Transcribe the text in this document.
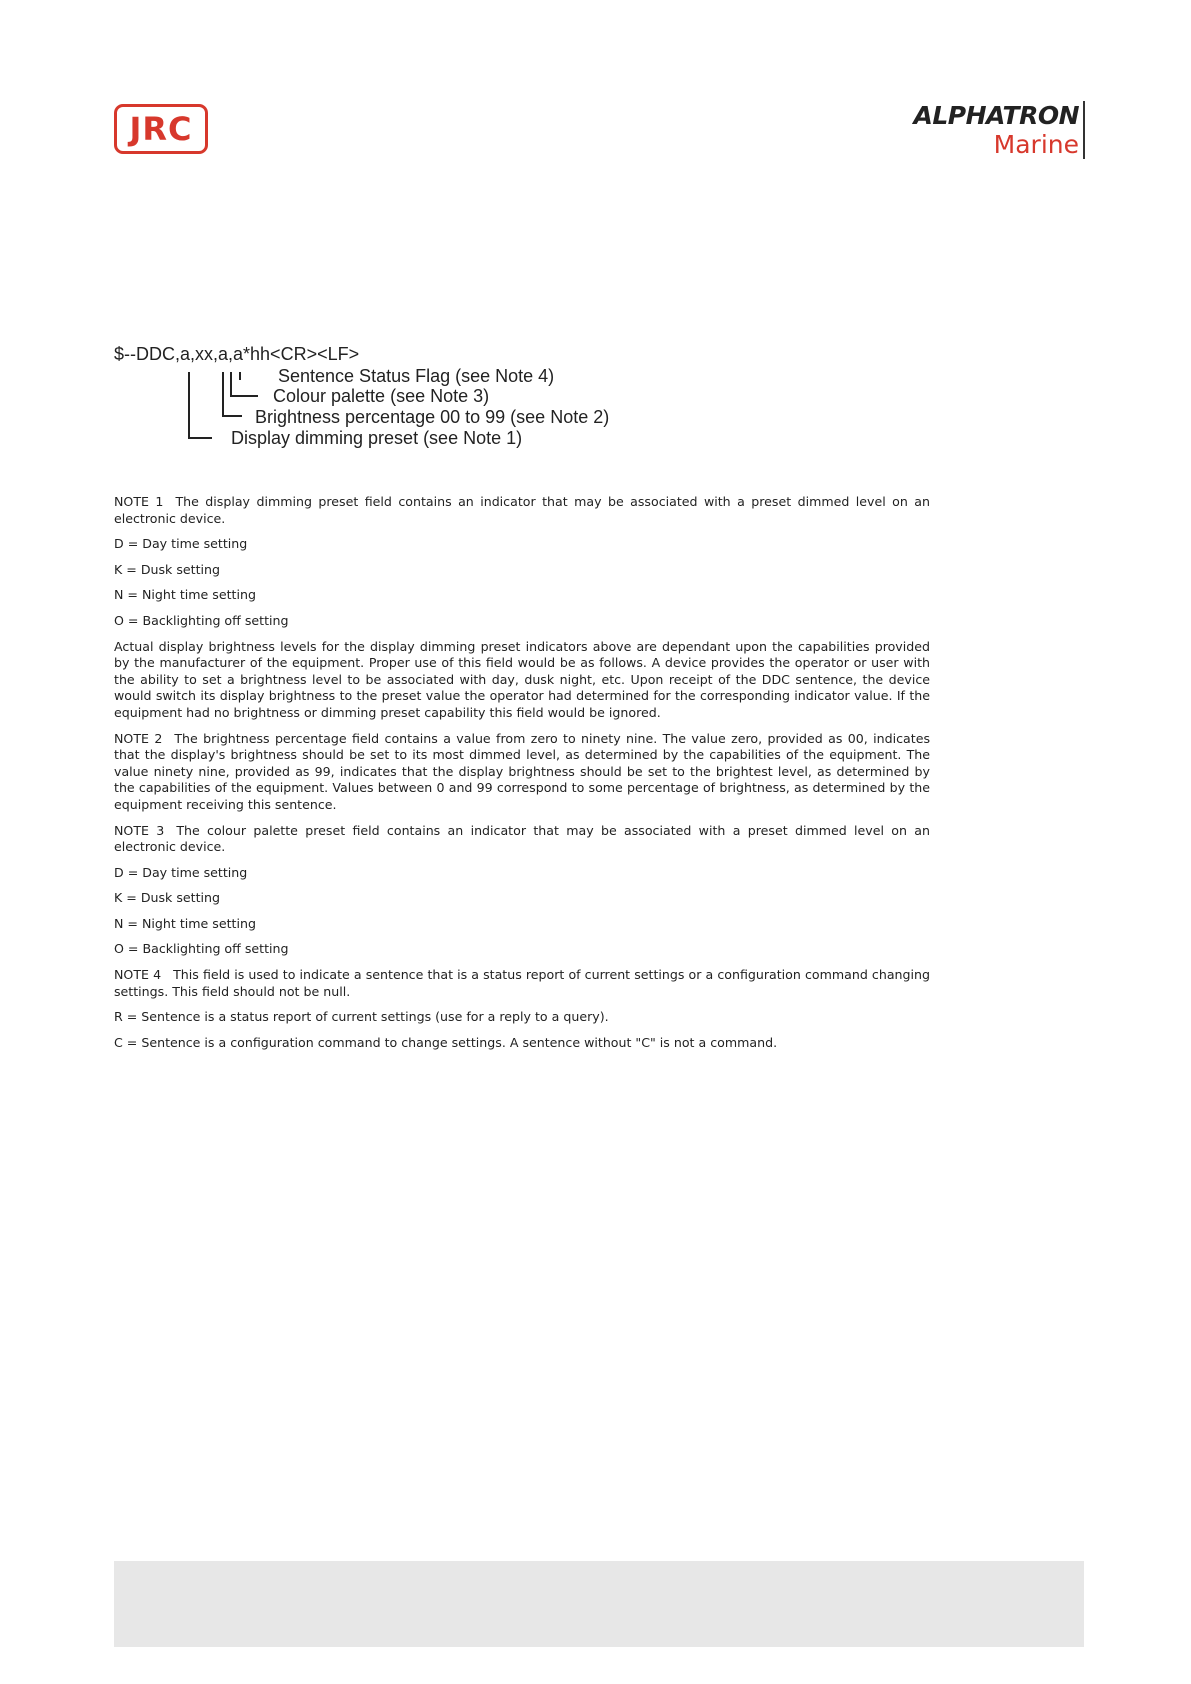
JRC	ALPHATRON
Marine
$--DDC,a,xx,a,a*hh<CR><LF>
Sentence Status Flag (see Note 4)
Colour palette (see Note 3)
Brightness percentage 00 to 99 (see Note 2)
Display dimming preset (see Note 1)

NOTE 1 The display dimming preset field contains an indicator that may be associated with a preset dimmed level on an electronic device.

D = Day time setting

K = Dusk setting

N = Night time setting

O = Backlighting off setting

Actual display brightness levels for the display dimming preset indicators above are dependant upon the capabilities provided by the manufacturer of the equipment. Proper use of this field would be as follows. A device provides the operator or user with the ability to set a brightness level to be associated with day, dusk night, etc. Upon receipt of the DDC sentence, the device would switch its display brightness to the preset value the operator had determined for the corresponding indicator value. If the equipment had no brightness or dimming preset capability this field would be ignored.

NOTE 2 The brightness percentage field contains a value from zero to ninety nine. The value zero, provided as 00, indicates that the display's brightness should be set to its most dimmed level, as determined by the capabilities of the equipment. The value ninety nine, provided as 99, indicates that the display brightness should be set to the brightest level, as determined by the capabilities of the equipment. Values between 0 and 99 correspond to some percentage of brightness, as determined by the equipment receiving this sentence.

NOTE 3 The colour palette preset field contains an indicator that may be associated with a preset dimmed level on an electronic device.

D = Day time setting

K = Dusk setting

N = Night time setting

O = Backlighting off setting

NOTE 4 This field is used to indicate a sentence that is a status report of current settings or a configuration command changing settings. This field should not be null.

R = Sentence is a status report of current settings (use for a reply to a query).

C = Sentence is a configuration command to change settings. A sentence without "C" is not a command.
